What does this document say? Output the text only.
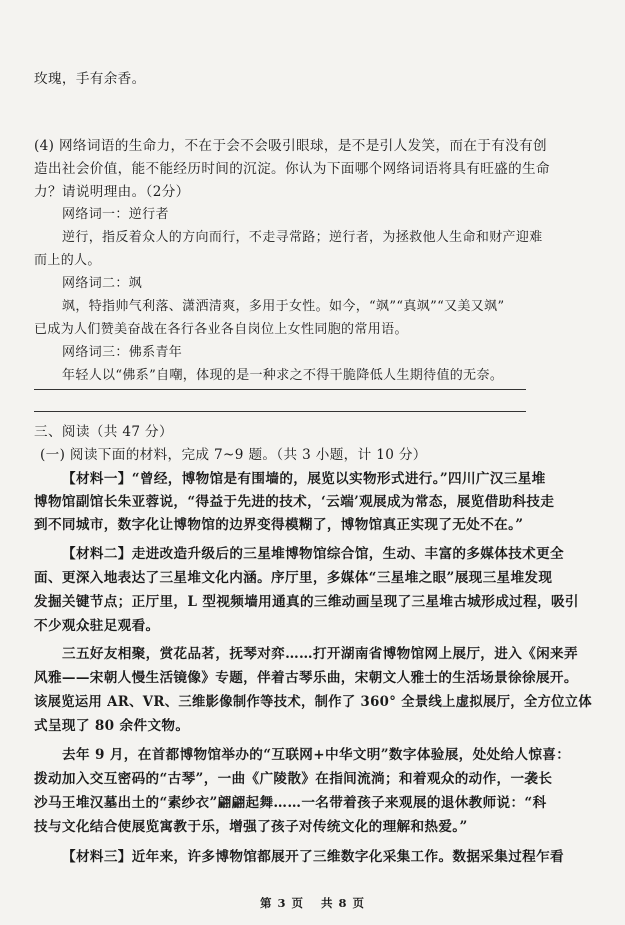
玫瑰，手有余香。
(4) 网络词语的生命力，不在于会不会吸引眼球，是不是引人发笑，而在于有没有创
造出社会价值，能不能经历时间的沉淀。你认为下面哪个网络词语将具有旺盛的生命
力？请说明理由。（2分）
网络词一：逆行者
逆行，指反着众人的方向而行，不走寻常路；逆行者，为拯救他人生命和财产迎难
而上的人。
网络词二：飒
飒，特指帅气利落、潇洒清爽，多用于女性。如今，“飒”“真飒”“又美又飒”
已成为人们赞美奋战在各行各业各自岗位上女性同胞的常用语。
网络词三：佛系青年
年轻人以“佛系”自嘲，体现的是一种求之不得干脆降低人生期待值的无奈。
三、阅读（共 47 分）
(一) 阅读下面的材料，完成 7~9 题。（共 3 小题，计 10 分）
【材料一】“曾经，博物馆是有围墙的，展览以实物形式进行。”四川广汉三星堆
博物馆副馆长朱亚蓉说，“得益于先进的技术，‘云端’观展成为常态，展览借助科技走
到不同城市，数字化让博物馆的边界变得模糊了，博物馆真正实现了无处不在。”
【材料二】走进改造升级后的三星堆博物馆综合馆，生动、丰富的多媒体技术更全
面、更深入地表达了三星堆文化内涵。序厅里，多媒体“三星堆之眼”展现三星堆发现
发掘关键节点；正厅里，L 型视频墙用通真的三维动画呈现了三星堆古城形成过程，吸引
不少观众驻足观看。
三五好友相聚，赏花品茗，抚琴对弈……打开湖南省博物馆网上展厅，进入《闲来弄
风雅——宋朝人慢生活镜像》专题，伴着古琴乐曲，宋朝文人雅士的生活场景徐徐展开。
该展览运用 AR、VR、三维影像制作等技术，制作了 360° 全景线上虚拟展厅，全方位立体
式呈现了 80 余件文物。
去年 9 月，在首都博物馆举办的“互联网+中华文明”数字体验展，处处给人惊喜：
拨动加入交互密码的“古琴”，一曲《广陵散》在指间流淌；和着观众的动作，一袭长
沙马王堆汉墓出土的“素纱衣”翩翩起舞……一名带着孩子来观展的退休教师说：“科
技与文化结合使展览寓教于乐，增强了孩子对传统文化的理解和热爱。”
【材料三】近年来，许多博物馆都展开了三维数字化采集工作。数据采集过程乍看
第 3 页 共 8 页
